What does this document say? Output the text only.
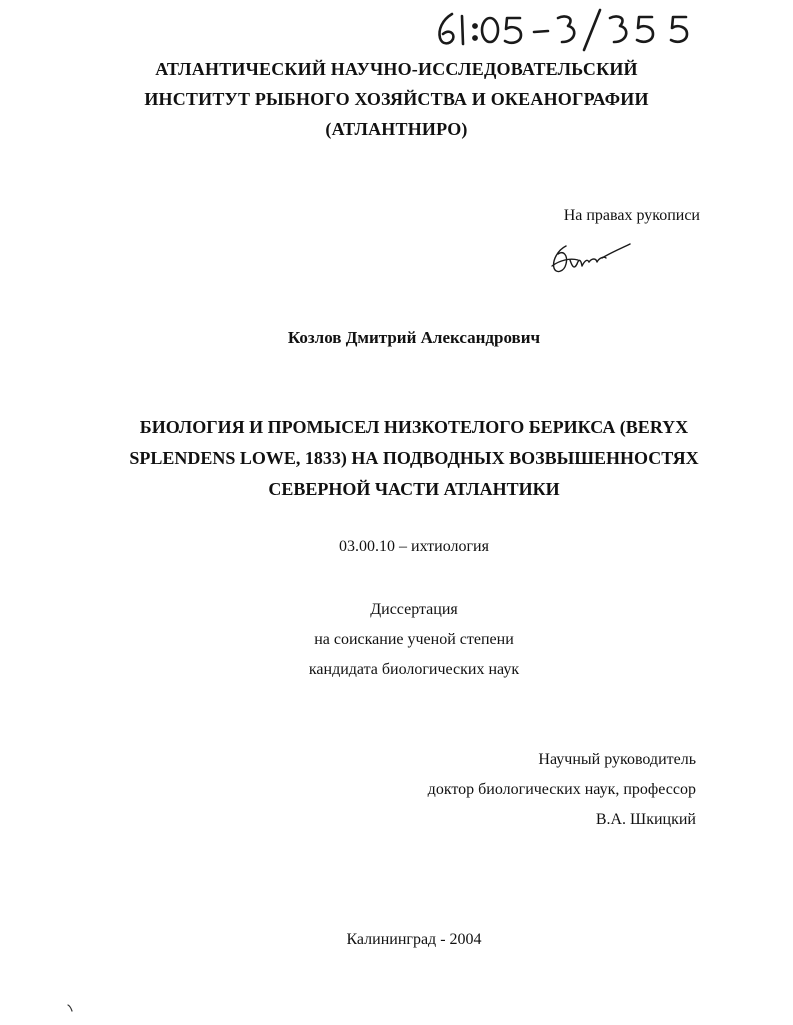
АТЛАНТИЧЕСКИЙ НАУЧНО-ИССЛЕДОВАТЕЛЬСКИЙ
ИНСТИТУТ РЫБНОГО ХОЗЯЙСТВА И ОКЕАНОГРАФИИ
(АТЛАНТНИРО)
На правах рукописи
Козлов Дмитрий Александрович
БИОЛОГИЯ И ПРОМЫСЕЛ НИЗКОТЕЛОГО БЕРИКСА (BERYX
SPLENDENS LOWE, 1833) НА ПОДВОДНЫХ ВОЗВЫШЕННОСТЯХ
СЕВЕРНОЙ ЧАСТИ АТЛАНТИКИ
03.00.10 – ихтиология
Диссертация
на соискание ученой степени
кандидата биологических наук
Научный руководитель
доктор биологических наук, профессор
В.А. Шкицкий
Калининград - 2004
